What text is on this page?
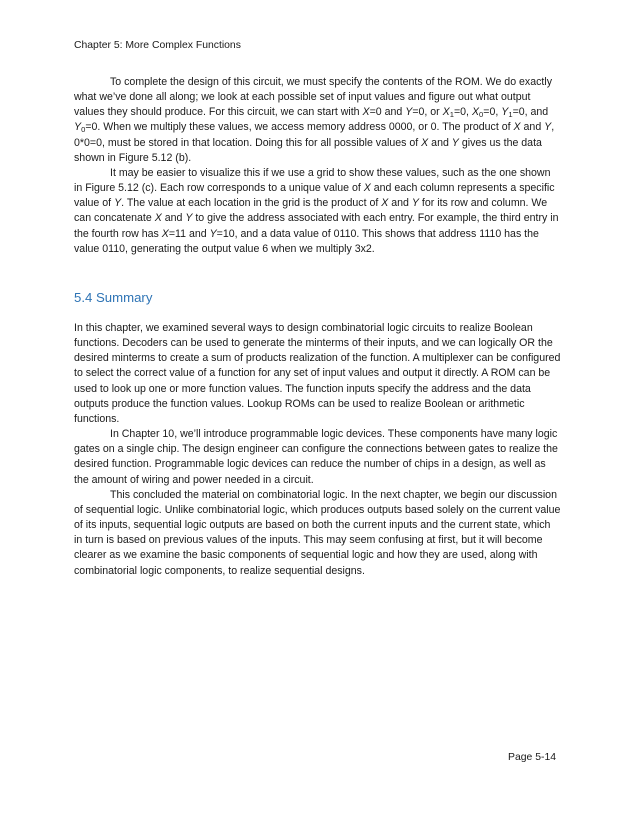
Chapter 5: More Complex Functions

To complete the design of this circuit, we must specify the contents of the ROM. We do exactly what we’ve done all along; we look at each possible set of input values and figure out what output values they should produce. For this circuit, we can start with X=0 and Y=0, or $X_1=0$, $X_0=0$, $Y_1=0$, and $Y_0=0$. When we multiply these values, we access memory address 0000, or 0. The product of X and Y, 0*0=0, must be stored in that location. Doing this for all possible values of X and Y gives us the data shown in Figure 5.12 (b).

It may be easier to visualize this if we use a grid to show these values, such as the one shown in Figure 5.12 (c). Each row corresponds to a unique value of X and each column represents a specific value of Y. The value at each location in the grid is the product of X and Y for its row and column. We can concatenate X and Y to give the address associated with each entry. For example, the third entry in the fourth row has X=11 and Y=10, and a data value of 0110. This shows that address 1110 has the value 0110, generating the output value 6 when we multiply 3x2.

5.4 Summary

In this chapter, we examined several ways to design combinatorial logic circuits to realize Boolean functions. Decoders can be used to generate the minterms of their inputs, and we can logically OR the desired minterms to create a sum of products realization of the function. A multiplexer can be configured to select the correct value of a function for any set of input values and output it directly. A ROM can be used to look up one or more function values. The function inputs specify the address and the data outputs produce the function values. Lookup ROMs can be used to realize Boolean or arithmetic functions.

In Chapter 10, we’ll introduce programmable logic devices. These components have many logic gates on a single chip. The design engineer can configure the connections between gates to realize the desired function. Programmable logic devices can reduce the number of chips in a design, as well as the amount of wiring and power needed in a circuit.

This concluded the material on combinatorial logic. In the next chapter, we begin our discussion of sequential logic. Unlike combinatorial logic, which produces outputs based solely on the current value of its inputs, sequential logic outputs are based on both the current inputs and the current state, which in turn is based on previous values of the inputs. This may seem confusing at first, but it will become clearer as we examine the basic components of sequential logic and how they are used, along with combinatorial logic components, to realize sequential designs.

Page 5-14
